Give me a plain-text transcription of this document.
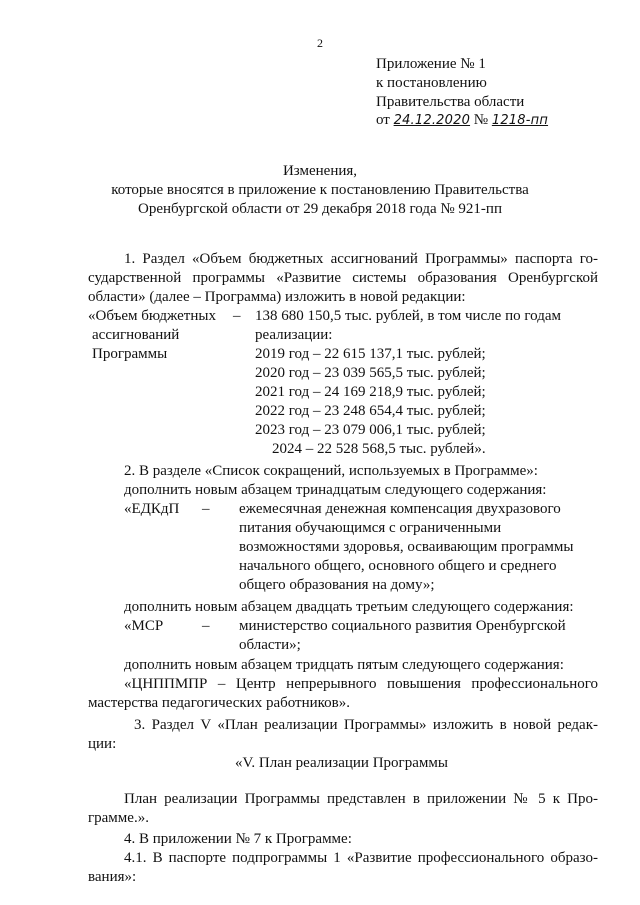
2
Приложение № 1
к постановлению
Правительства области
от 24.12.2020 № 1218-пп
Изменения,
которые вносятся в приложение к постановлению Правительства
Оренбургской области от 29 декабря 2018 года № 921-пп
1. Раздел «Объем бюджетных ассигнований Программы» паспорта го-
сударственной программы «Развитие системы образования Оренбургской
области» (далее – Программа) изложить в новой редакции:
«Объем бюджетных
ассигнований
Программы
– 138 680 150,5 тыс. рублей, в том числе по годам
реализации:
2019 год – 22 615 137,1 тыс. рублей;
2020 год – 23 039 565,5 тыс. рублей;
2021 год – 24 169 218,9 тыс. рублей;
2022 год – 23 248 654,4 тыс. рублей;
2023 год – 23 079 006,1 тыс. рублей;
2024 – 22 528 568,5 тыс. рублей».
2. В разделе «Список сокращений, используемых в Программе»:
дополнить новым абзацем тринадцатым следующего содержания:
«ЕДКдП – ежемесячная денежная компенсация двухразового
питания обучающимся с ограниченными
возможностями здоровья, осваивающим программы
начального общего, основного общего и среднего
общего образования на дому»;
дополнить новым абзацем двадцать третьим следующего содержания:
«МСР	– министерство социального развития Оренбургской
области»;
дополнить новым абзацем тридцать пятым следующего содержания:
«ЦНППМПР – Центр непрерывного повышения профессионального
мастерства педагогических работников».
3. Раздел V «План реализации Программы» изложить в новой редак-
ции:
«V. План реализации Программы
План реализации Программы представлен в приложении № 5 к Про-
грамме.».
4. В приложении № 7 к Программе:
4.1. В паспорте подпрограммы 1 «Развитие профессионального образо-
вания»:
